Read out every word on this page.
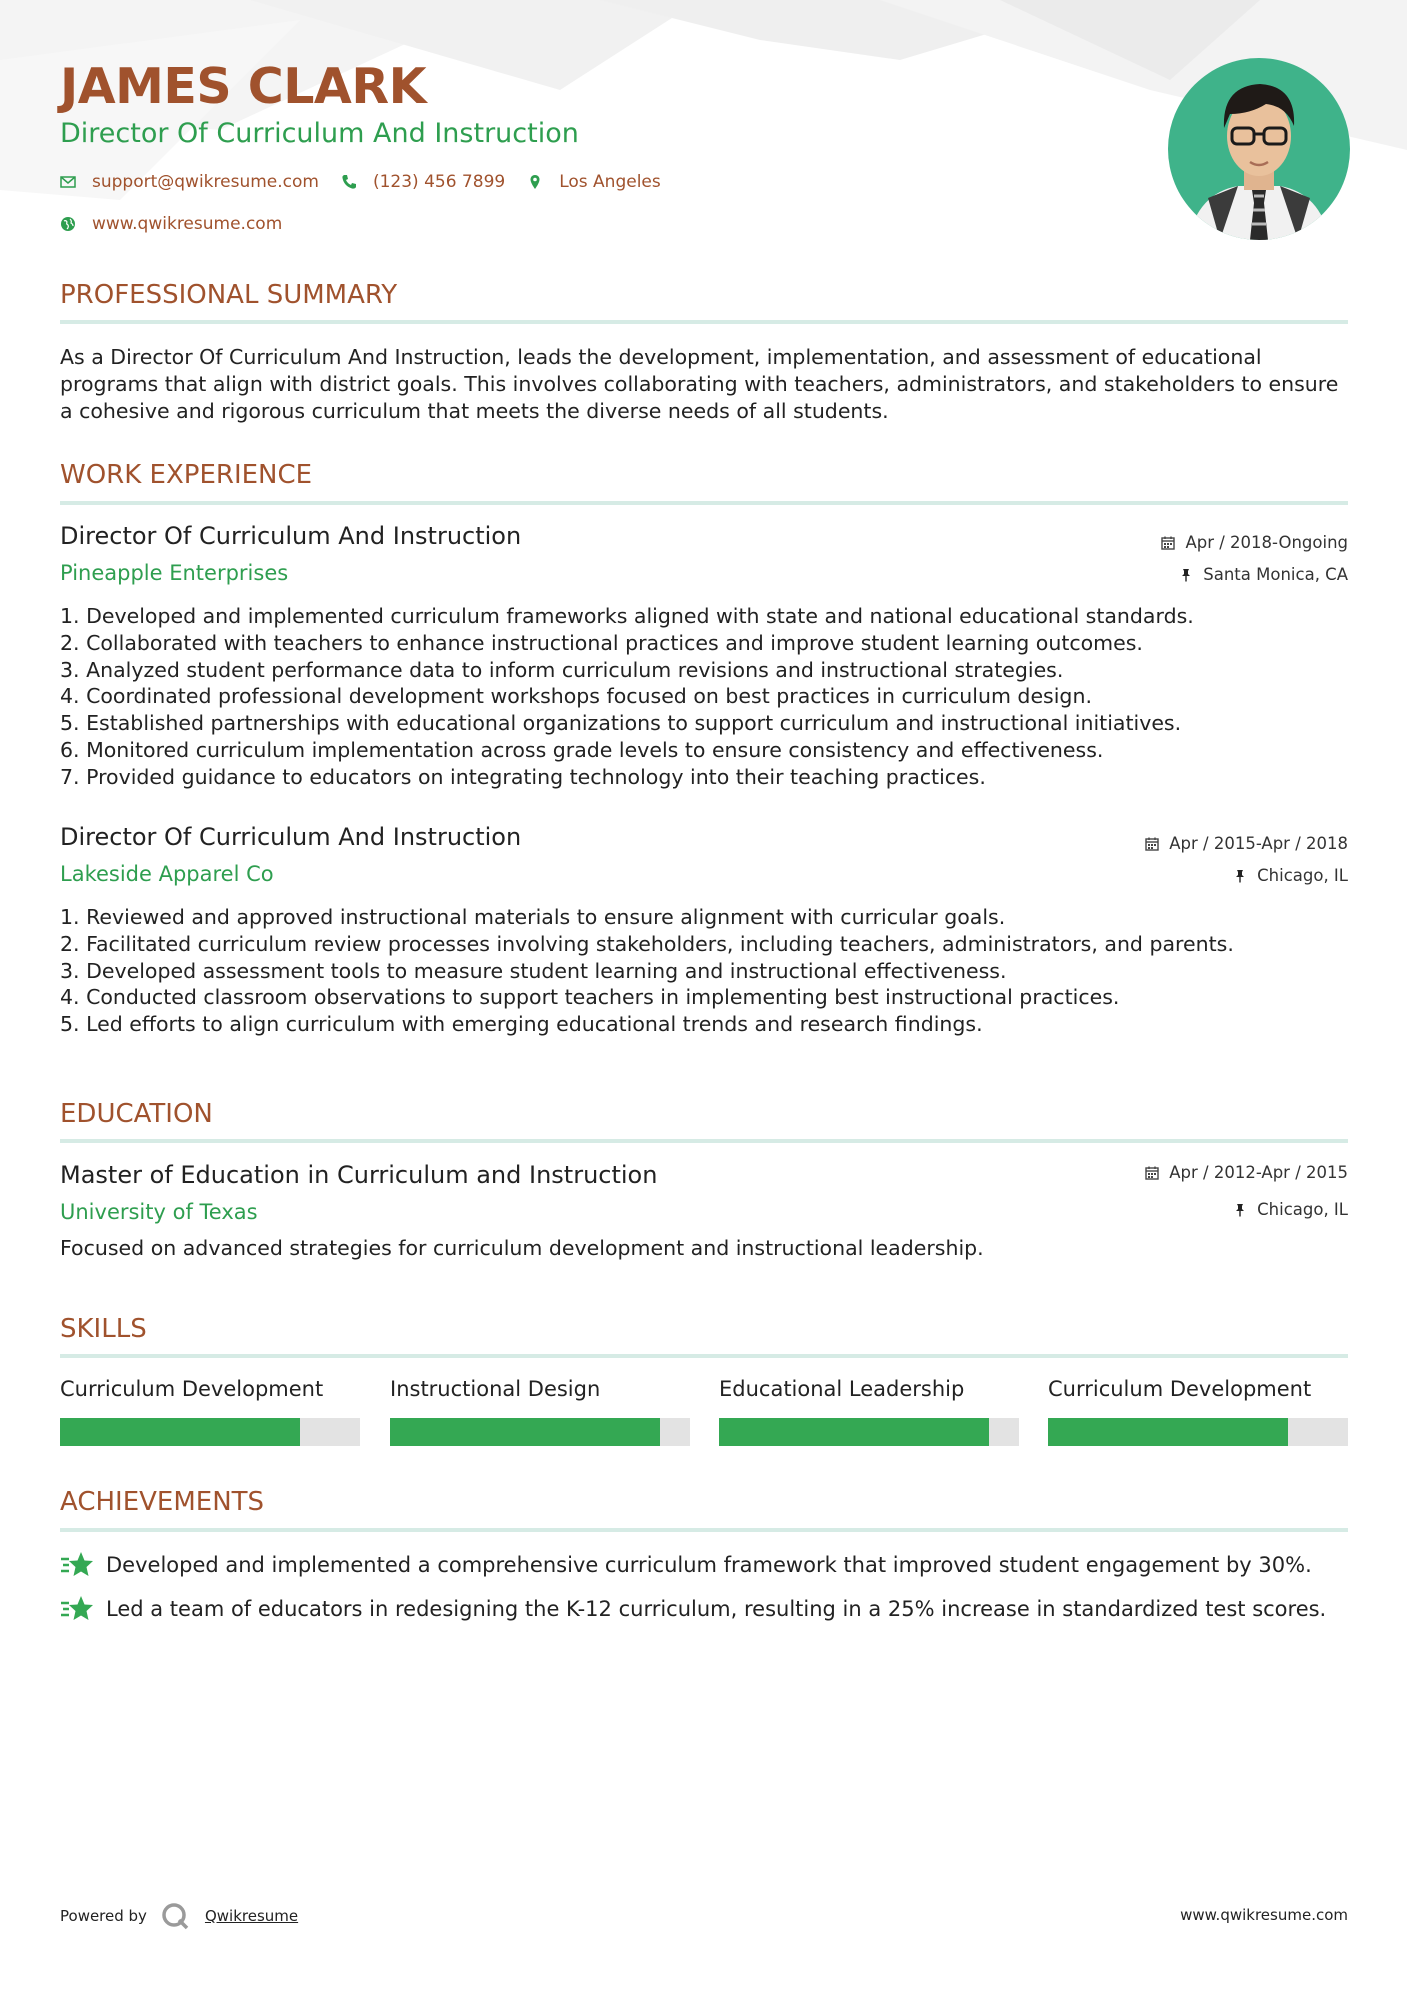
JAMES CLARK
Director Of Curriculum And Instruction
support@qwikresume.com	(123) 456 7899	Los Angeles
www.qwikresume.com
PROFESSIONAL SUMMARY
As a Director Of Curriculum And Instruction, leads the development, implementation, and assessment of educational programs that align with district goals. This involves collaborating with teachers, administrators, and stakeholders to ensure a cohesive and rigorous curriculum that meets the diverse needs of all students.
WORK EXPERIENCE
Director Of Curriculum And Instruction
Pineapple Enterprises
Apr / 2018-Ongoing
Santa Monica, CA
1. Developed and implemented curriculum frameworks aligned with state and national educational standards.
2. Collaborated with teachers to enhance instructional practices and improve student learning outcomes.
3. Analyzed student performance data to inform curriculum revisions and instructional strategies.
4. Coordinated professional development workshops focused on best practices in curriculum design.
5. Established partnerships with educational organizations to support curriculum and instructional initiatives.
6. Monitored curriculum implementation across grade levels to ensure consistency and effectiveness.
7. Provided guidance to educators on integrating technology into their teaching practices.
Director Of Curriculum And Instruction
Lakeside Apparel Co
Apr / 2015-Apr / 2018
Chicago, IL
1. Reviewed and approved instructional materials to ensure alignment with curricular goals.
2. Facilitated curriculum review processes involving stakeholders, including teachers, administrators, and parents.
3. Developed assessment tools to measure student learning and instructional effectiveness.
4. Conducted classroom observations to support teachers in implementing best instructional practices.
5. Led efforts to align curriculum with emerging educational trends and research findings.
EDUCATION
Master of Education in Curriculum and Instruction
University of Texas
Apr / 2012-Apr / 2015
Chicago, IL
Focused on advanced strategies for curriculum development and instructional leadership.
SKILLS
Curriculum Development	Instructional Design	Educational Leadership	Curriculum Development
ACHIEVEMENTS
Developed and implemented a comprehensive curriculum framework that improved student engagement by 30%.
Led a team of educators in redesigning the K-12 curriculum, resulting in a 25% increase in standardized test scores.
Powered by	Qwikresume	www.qwikresume.com
